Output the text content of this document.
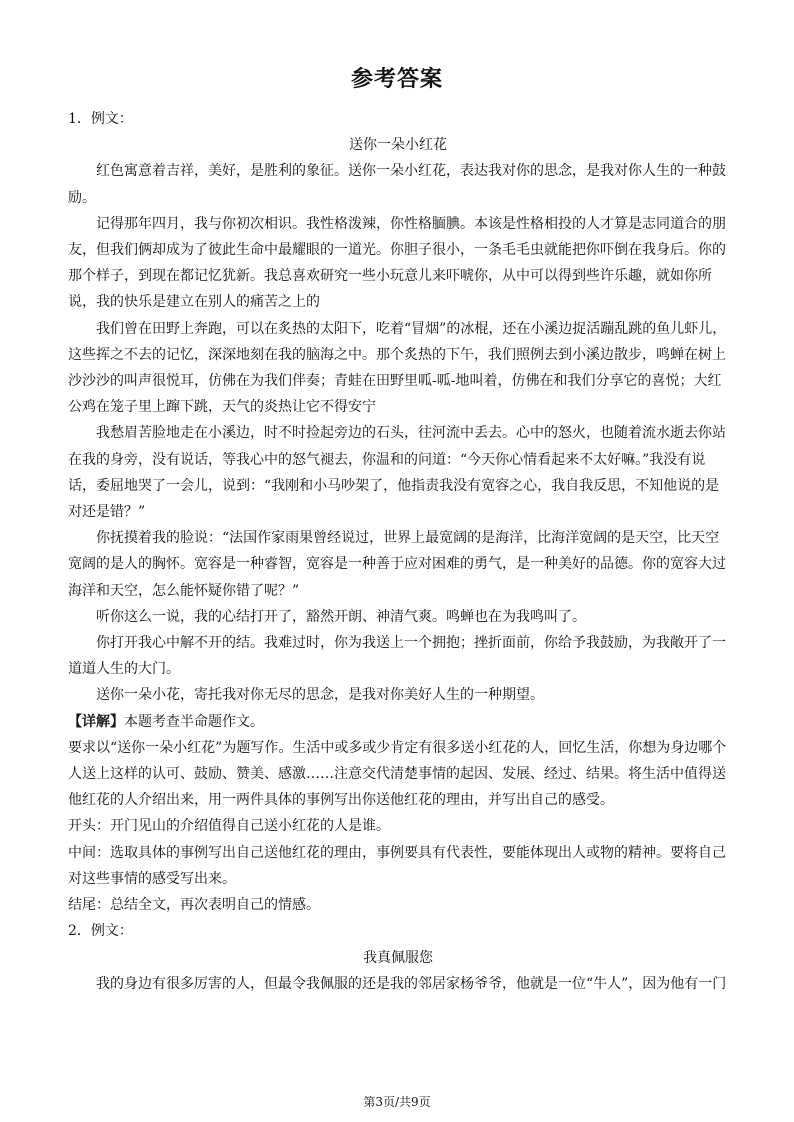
参考答案

1．例文：

送你一朵小红花

红色寓意着吉祥，美好，是胜利的象征。送你一朵小红花，表达我对你的思念，是我对你人生的一种鼓励。

记得那年四月，我与你初次相识。我性格泼辣，你性格腼腆。本该是性格相投的人才算是志同道合的朋友，但我们俩却成为了彼此生命中最耀眼的一道光。你胆子很小，一条毛毛虫就能把你吓倒在我身后。你的那个样子，到现在都记忆犹新。我总喜欢研究一些小玩意儿来吓唬你，从中可以得到些许乐趣，就如你所说，我的快乐是建立在别人的痛苦之上的

我们曾在田野上奔跑，可以在炙热的太阳下，吃着“冒烟”的冰棍，还在小溪边捉活蹦乱跳的鱼儿虾儿，这些挥之不去的记忆，深深地刻在我的脑海之中。那个炙热的下午，我们照例去到小溪边散步，鸣蝉在树上沙沙沙的叫声很悦耳，仿佛在为我们伴奏；青蛙在田野里呱-呱-地叫着，仿佛在和我们分享它的喜悦；大红公鸡在笼子里上蹿下跳，天气的炎热让它不得安宁

我愁眉苦脸地走在小溪边，时不时捡起旁边的石头，往河流中丢去。心中的怒火，也随着流水逝去你站在我的身旁，没有说话，等我心中的怒气褪去，你温和的问道：“今天你心情看起来不太好嘛。”我没有说话，委屈地哭了一会儿，说到：“我刚和小马吵架了，他指责我没有宽容之心，我自我反思，不知他说的是对还是错？”

你抚摸着我的脸说：“法国作家雨果曾经说过，世界上最宽阔的是海洋，比海洋宽阔的是天空，比天空宽阔的是人的胸怀。宽容是一种睿智，宽容是一种善于应对困难的勇气，是一种美好的品德。你的宽容大过海洋和天空，怎么能怀疑你错了呢？”

听你这么一说，我的心结打开了，豁然开朗、神清气爽。鸣蝉也在为我鸣叫了。

你打开我心中解不开的结。我难过时，你为我送上一个拥抱；挫折面前，你给予我鼓励，为我敞开了一道道人生的大门。

送你一朵小花，寄托我对你无尽的思念，是我对你美好人生的一种期望。

【详解】本题考查半命题作文。

要求以“送你一朵小红花”为题写作。生活中或多或少肯定有很多送小红花的人，回忆生活，你想为身边哪个人送上这样的认可、鼓励、赞美、感激……注意交代清楚事情的起因、发展、经过、结果。将生活中值得送他红花的人介绍出来，用一两件具体的事例写出你送他红花的理由，并写出自己的感受。

开头：开门见山的介绍值得自己送小红花的人是谁。

中间：选取具体的事例写出自己送他红花的理由，事例要具有代表性，要能体现出人或物的精神。要将自己对这些事情的感受写出来。

结尾：总结全文，再次表明自己的情感。

2．例文：

我真佩服您

我的身边有很多厉害的人，但最令我佩服的还是我的邻居家杨爷爷，他就是一位“牛人”，因为他有一门

第3页/共9页
